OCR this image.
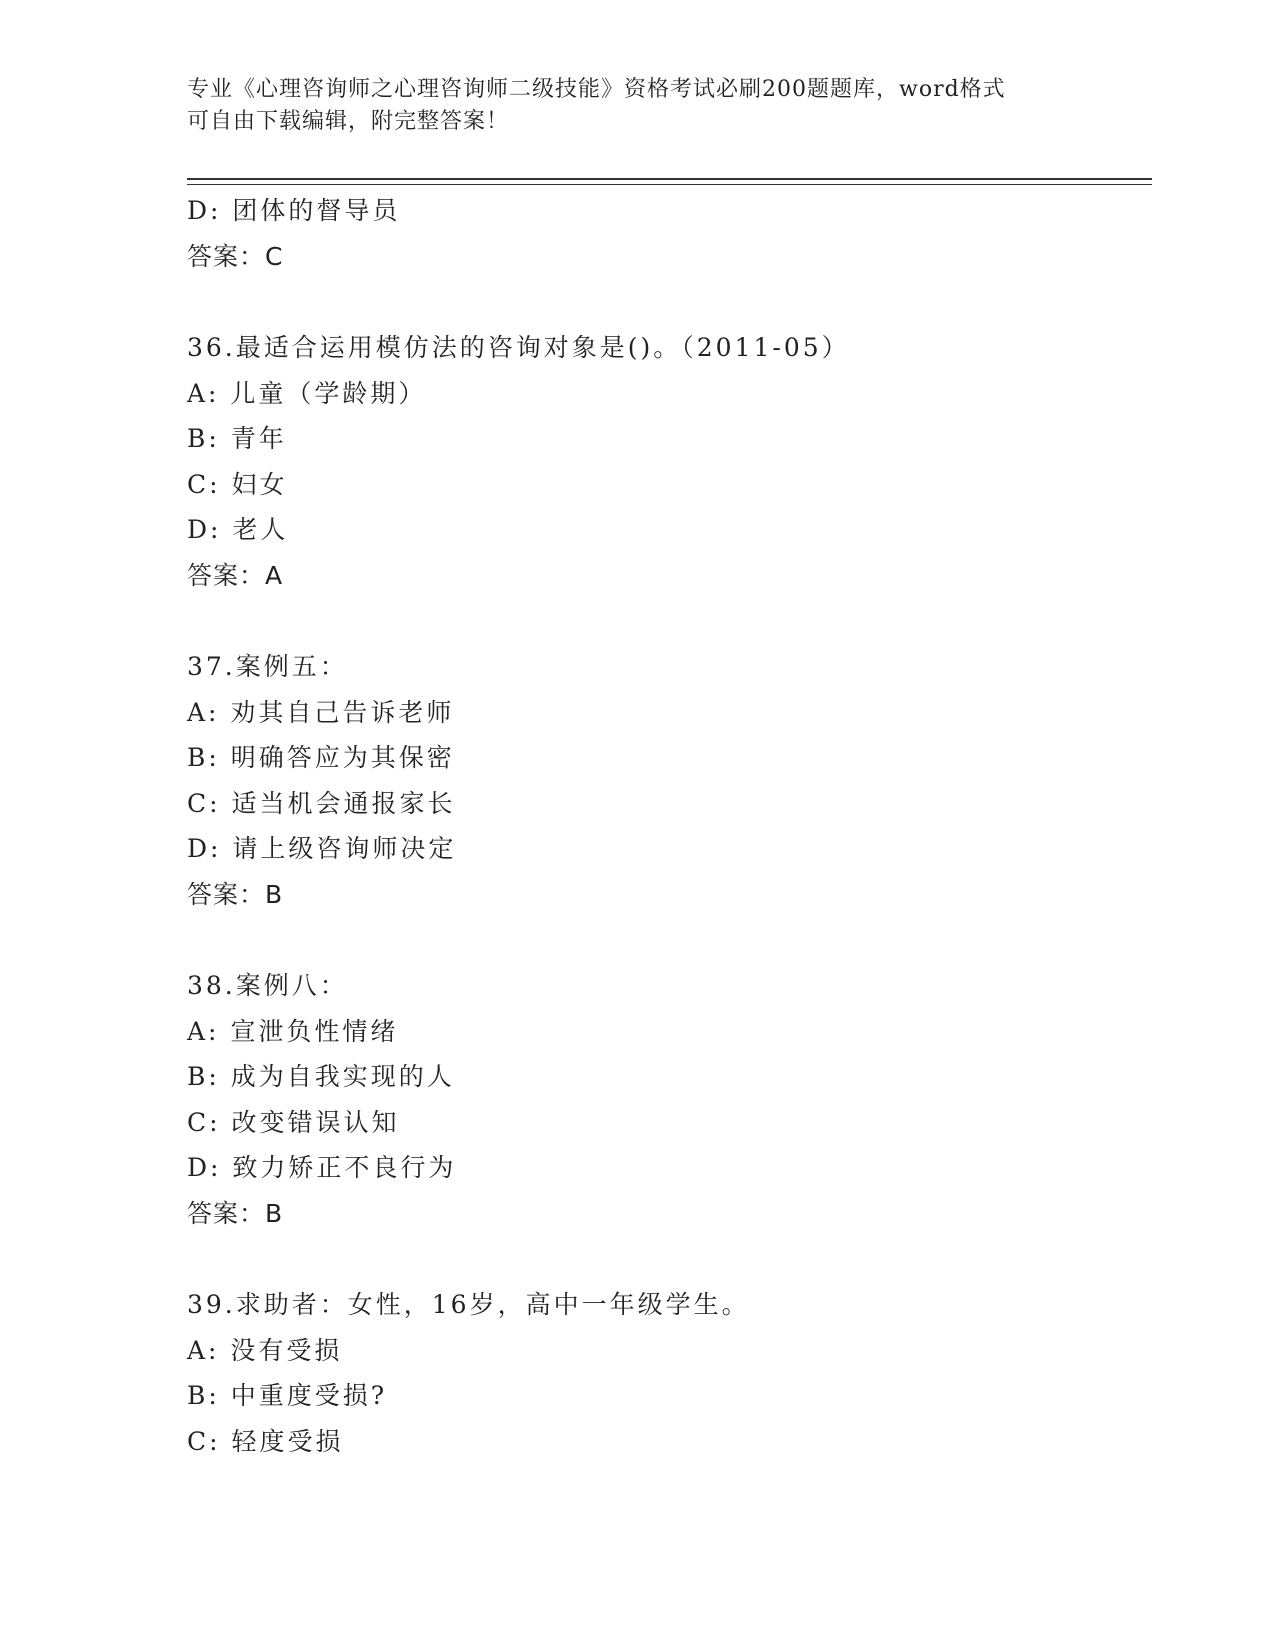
专业《心理咨询师之心理咨询师二级技能》资格考试必刷200题题库，word格式
可自由下载编辑，附完整答案！
D: 团体的督导员
答案：C
36.最适合运用模仿法的咨询对象是()。（2011-05）
A: 儿童（学龄期）
B: 青年
C: 妇女
D: 老人
答案：A
37.案例五：
A: 劝其自己告诉老师
B: 明确答应为其保密
C: 适当机会通报家长
D: 请上级咨询师决定
答案：B
38.案例八：
A: 宣泄负性情绪
B: 成为自我实现的人
C: 改变错误认知
D: 致力矫正不良行为
答案：B
39.求助者：女性，16岁，高中一年级学生。
A: 没有受损
B: 中重度受损?
C: 轻度受损
